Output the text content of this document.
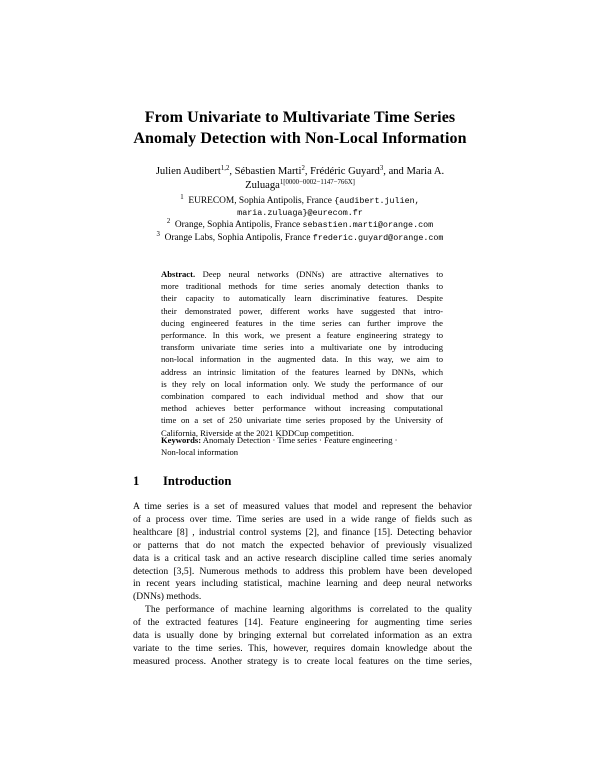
From Univariate to Multivariate Time Series
Anomaly Detection with Non-Local Information
Julien Audibert$^{1,2}$, Sébastien Marti$^2$, Frédéric Guyard$^3$, and Maria A.
Zuluaga$^{1[0000-0002-1147-766X]}$
$^1$ EURECOM, Sophia Antipolis, France {audibert.julien,
maria.zuluaga}@eurecom.fr
$^2$ Orange, Sophia Antipolis, France sebastien.marti@orange.com
$^3$ Orange Labs, Sophia Antipolis, France frederic.guyard@orange.com
Abstract. Deep neural networks (DNNs) are attractive alternatives to
more traditional methods for time series anomaly detection thanks to
their capacity to automatically learn discriminative features. Despite
their demonstrated power, different works have suggested that intro-
ducing engineered features in the time series can further improve the
performance. In this work, we present a feature engineering strategy to
transform univariate time series into a multivariate one by introducing
non-local information in the augmented data. In this way, we aim to
address an intrinsic limitation of the features learned by DNNs, which
is they rely on local information only. We study the performance of our
combination compared to each individual method and show that our
method achieves better performance without increasing computational
time on a set of 250 univariate time series proposed by the University of
California, Riverside at the 2021 KDDCup competition.
Keywords: Anomaly Detection · Time series · Feature engineering ·
Non-local information
1 Introduction
A time series is a set of measured values that model and represent the behavior
of a process over time. Time series are used in a wide range of fields such as
healthcare [8] , industrial control systems [2], and finance [15]. Detecting behavior
or patterns that do not match the expected behavior of previously visualized
data is a critical task and an active research discipline called time series anomaly
detection [3,5]. Numerous methods to address this problem have been developed
in recent years including statistical, machine learning and deep neural networks
(DNNs) methods.
The performance of machine learning algorithms is correlated to the quality
of the extracted features [14]. Feature engineering for augmenting time series
data is usually done by bringing external but correlated information as an extra
variate to the time series. This, however, requires domain knowledge about the
measured process. Another strategy is to create local features on the time series,
